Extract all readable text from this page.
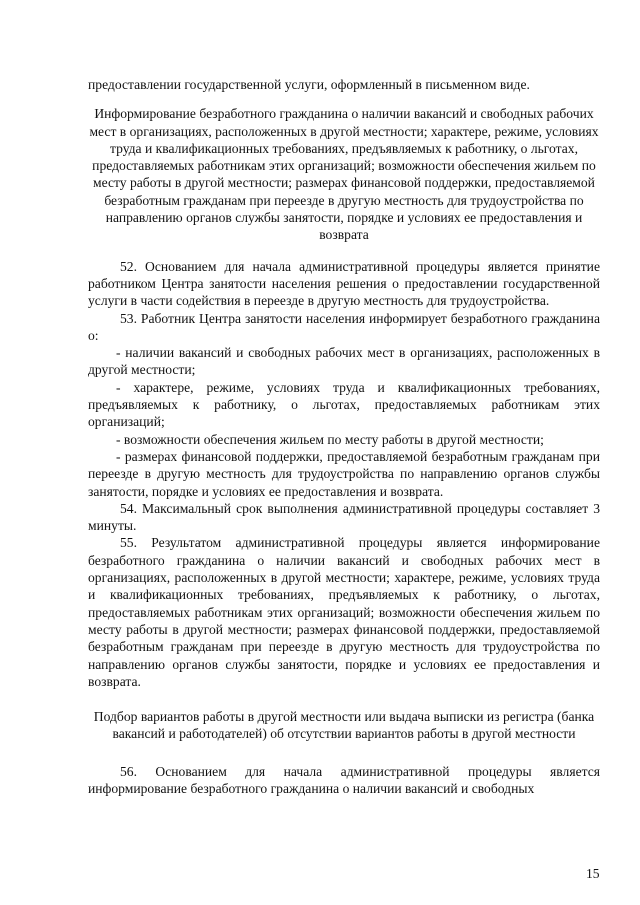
предоставлении государственной услуги, оформленный в письменном виде.

Информирование безработного гражданина о наличии вакансий и свободных рабочих мест в организациях, расположенных в другой местности; характере, режиме, условиях труда и квалификационных требованиях, предъявляемых к работнику, о льготах, предоставляемых работникам этих организаций; возможности обеспечения жильем по месту работы в другой местности; размерах финансовой поддержки, предоставляемой безработным гражданам при переезде в другую местность для трудоустройства по направлению органов службы занятости, порядке и условиях ее предоставления и возврата

52. Основанием для начала административной процедуры является принятие работником Центра занятости населения решения о предоставлении государственной услуги в части содействия в переезде в другую местность для трудоустройства.

53. Работник Центра занятости населения информирует безработного гражданина о:

- наличии вакансий и свободных рабочих мест в организациях, расположенных в другой местности;

- характере, режиме, условиях труда и квалификационных требованиях, предъявляемых к работнику, о льготах, предоставляемых работникам этих организаций;

- возможности обеспечения жильем по месту работы в другой местности;

- размерах финансовой поддержки, предоставляемой безработным гражданам при переезде в другую местность для трудоустройства по направлению органов службы занятости, порядке и условиях ее предоставления и возврата.

54. Максимальный срок выполнения административной процедуры составляет 3 минуты.

55. Результатом административной процедуры является информирование безработного гражданина о наличии вакансий и свободных рабочих мест в организациях, расположенных в другой местности; характере, режиме, условиях труда и квалификационных требованиях, предъявляемых к работнику, о льготах, предоставляемых работникам этих организаций; возможности обеспечения жильем по месту работы в другой местности; размерах финансовой поддержки, предоставляемой безработным гражданам при переезде в другую местность для трудоустройства по направлению органов службы занятости, порядке и условиях ее предоставления и возврата.

Подбор вариантов работы в другой местности или выдача выписки из регистра (банка вакансий и работодателей) об отсутствии вариантов работы в другой местности

56. Основанием для начала административной процедуры является информирование безработного гражданина о наличии вакансий и свободных

15
